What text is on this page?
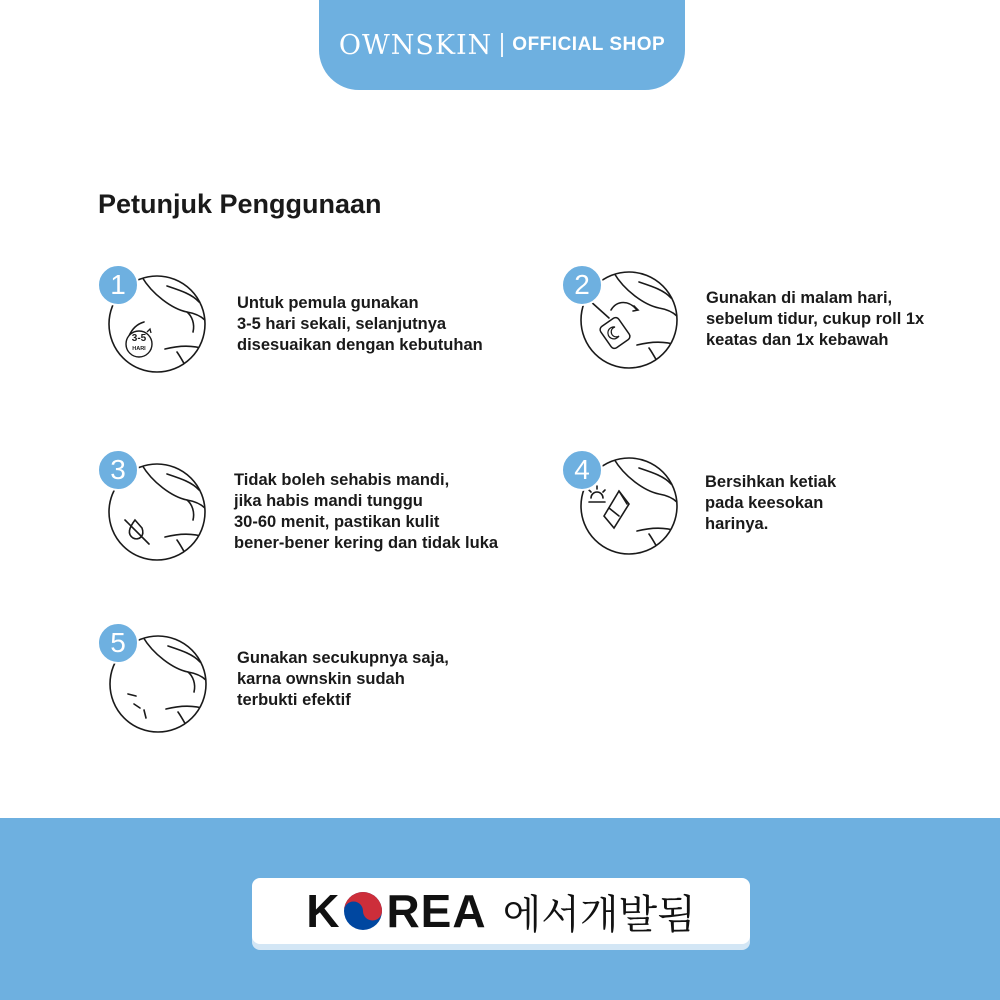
OWNSKIN OFFICIAL SHOP
Petunjuk Penggunaan
3-5
HARI
1
Untuk pemula gunakan
3-5 hari sekali, selanjutnya
disesuaikan dengan kebutuhan
2	Gunakan di malam hari,
sebelum tidur, cukup roll 1x
keatas dan 1x kebawah
3	Tidak boleh sehabis mandi,
jika habis mandi tunggu
30-60 menit, pastikan kulit
bener-bener kering dan tidak luka
4	Bersihkan ketiak
pada keesokan
harinya.
5	Gunakan secukupnya saja,
karna ownskin sudah
terbukti efektif
K REA 에서개발됨
